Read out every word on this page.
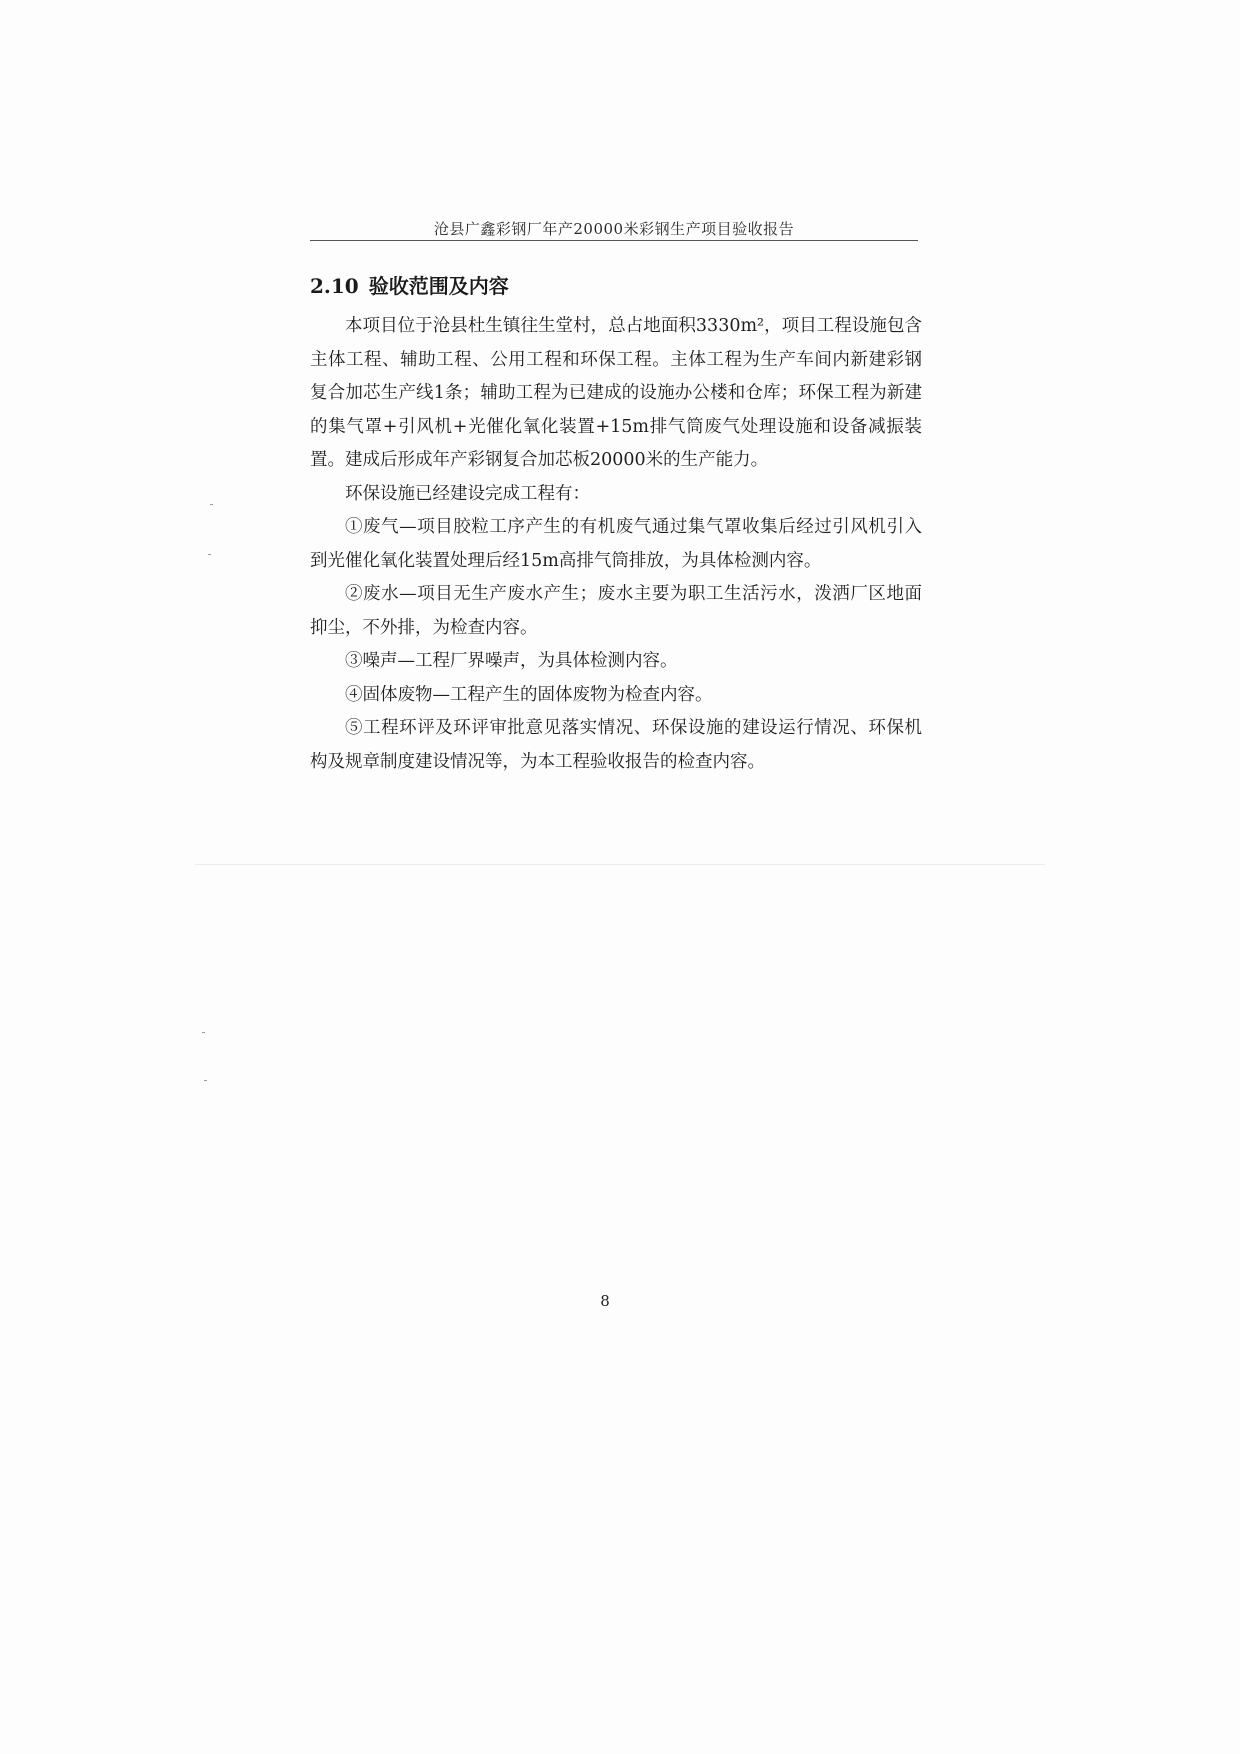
沧县广鑫彩钢厂年产20000米彩钢生产项目验收报告
2.10 验收范围及内容

本项目位于沧县杜生镇往生堂村，总占地面积3330m²，项目工程设施包含主体工程、辅助工程、公用工程和环保工程。主体工程为生产车间内新建彩钢复合加芯生产线1条；辅助工程为已建成的设施办公楼和仓库；环保工程为新建的集气罩+引风机+光催化氧化装置+15m排气筒废气处理设施和设备减振装置。建成后形成年产彩钢复合加芯板20000米的生产能力。

环保设施已经建设完成工程有：

①废气—项目胶粒工序产生的有机废气通过集气罩收集后经过引风机引入到光催化氧化装置处理后经15m高排气筒排放，为具体检测内容。

②废水—项目无生产废水产生；废水主要为职工生活污水，泼洒厂区地面抑尘，不外排，为检查内容。

③噪声—工程厂界噪声，为具体检测内容。

④固体废物—工程产生的固体废物为检查内容。

⑤工程环评及环评审批意见落实情况、环保设施的建设运行情况、环保机构及规章制度建设情况等，为本工程验收报告的检查内容。

8
